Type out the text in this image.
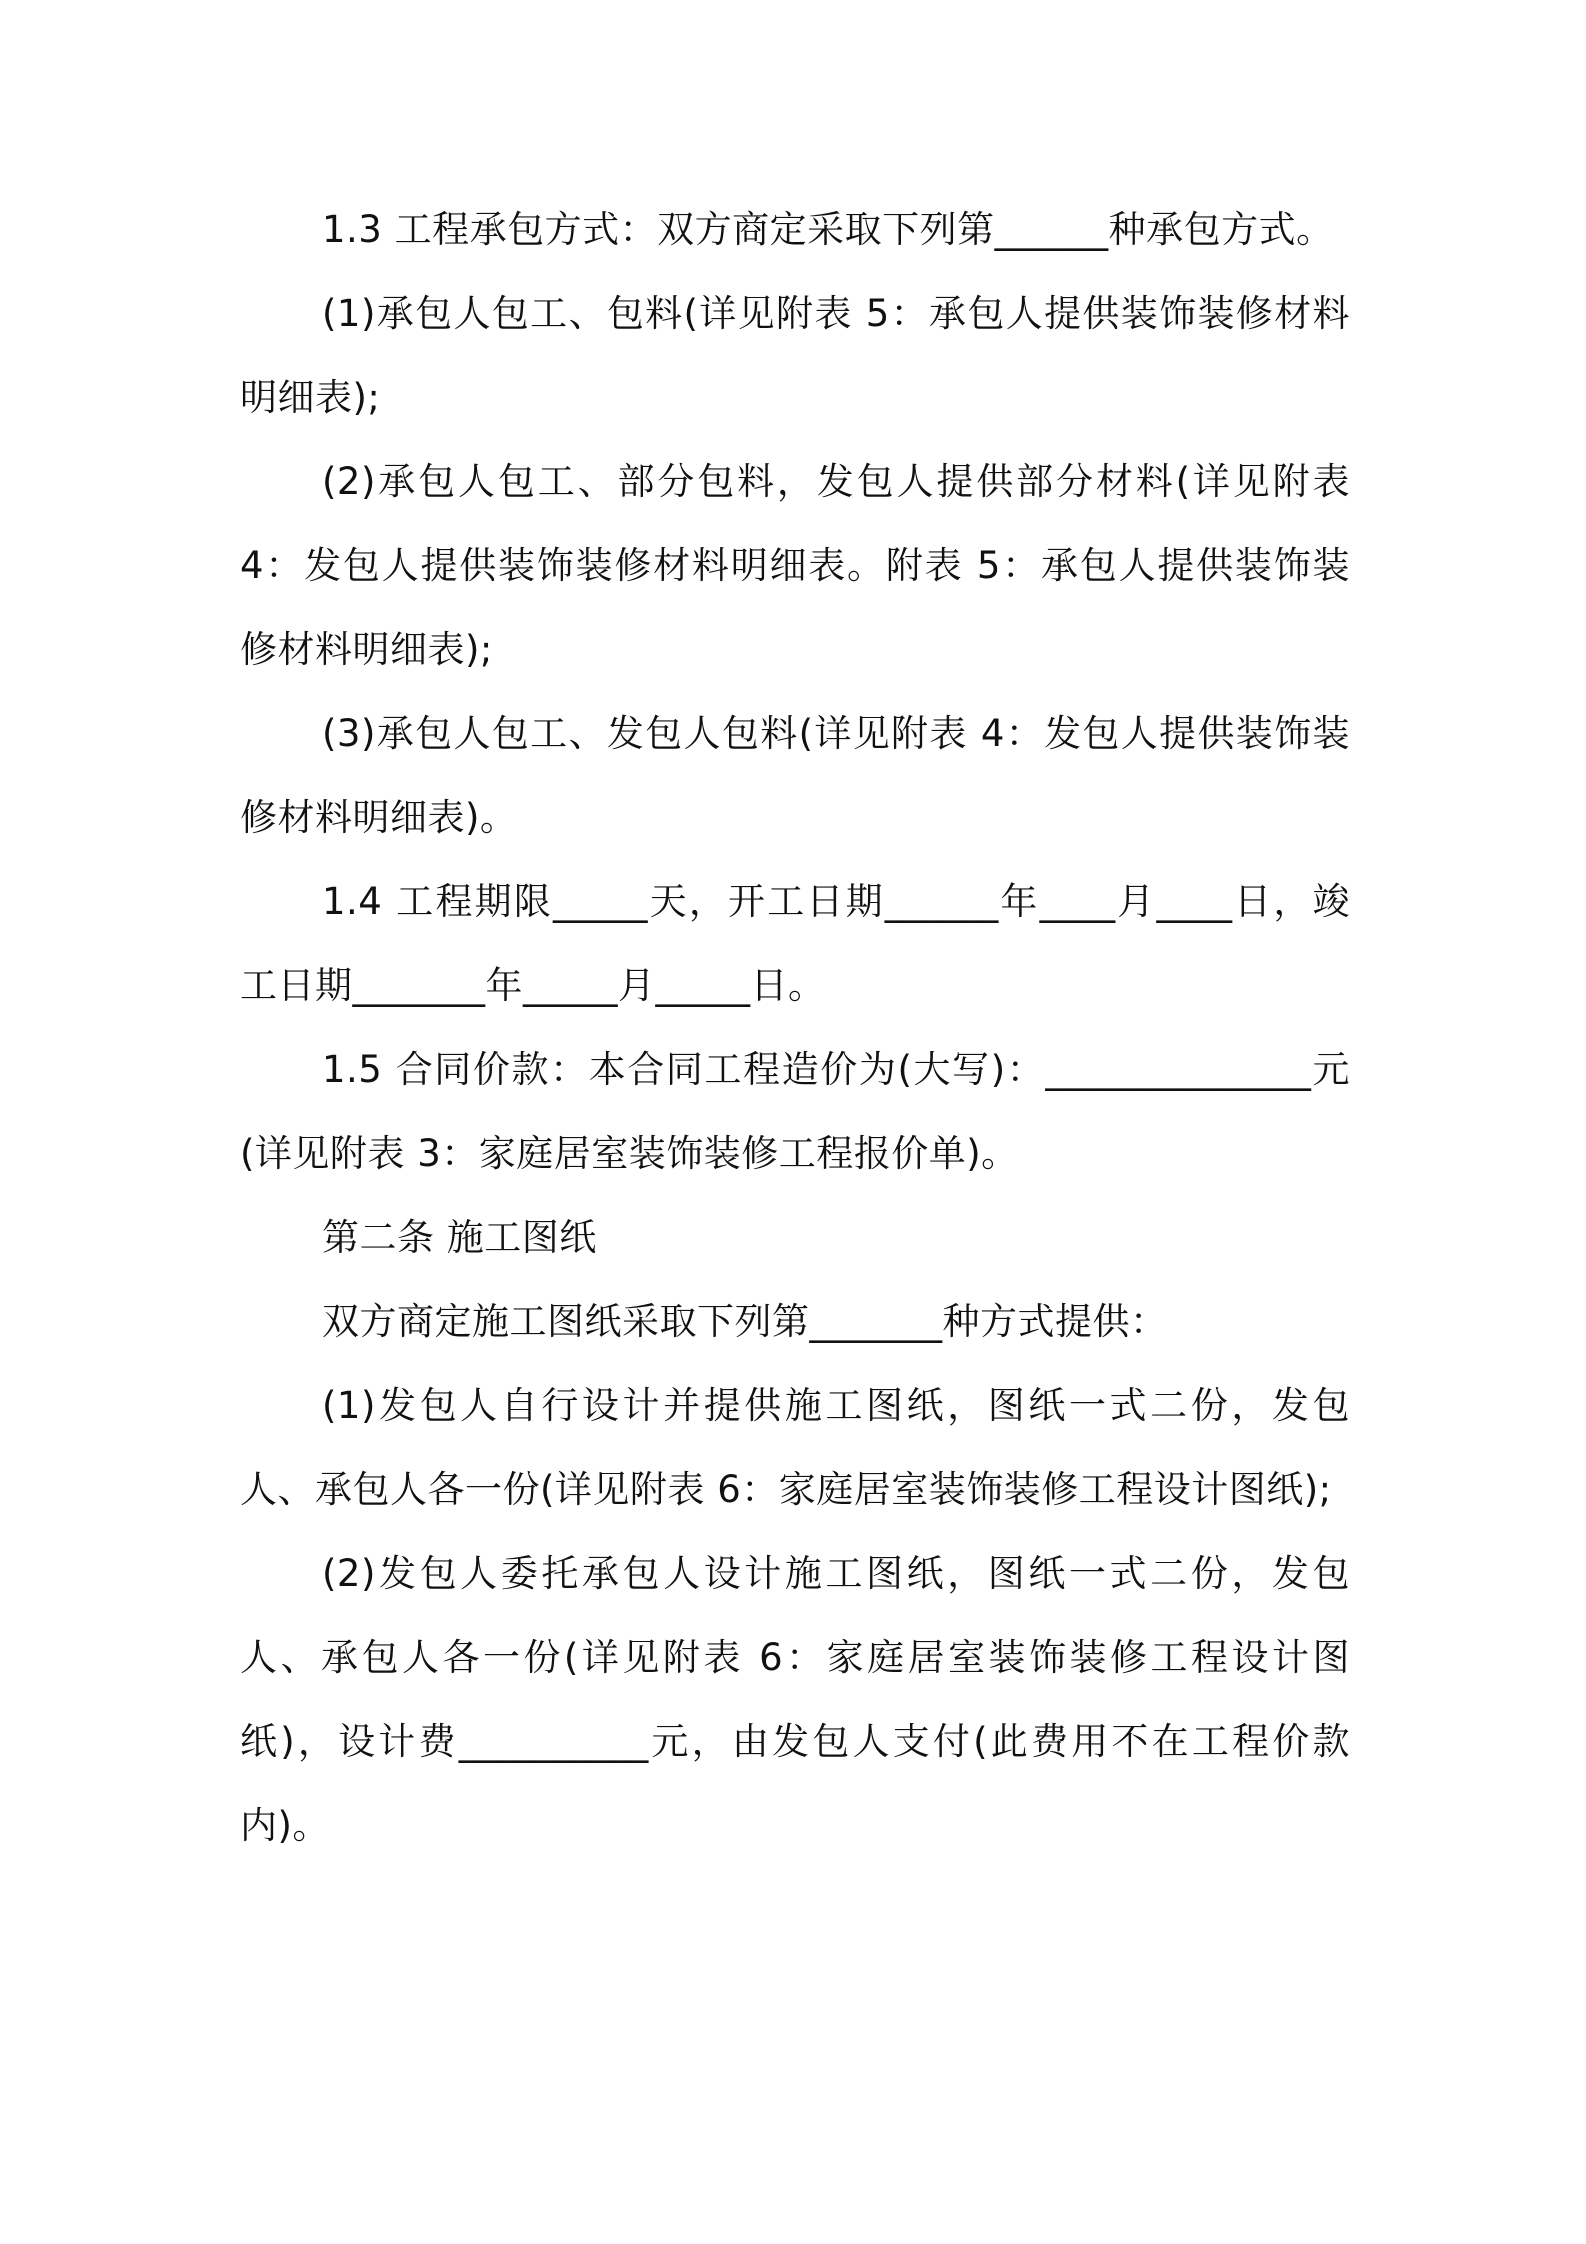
1.3 工程承包方式：双方商定采取下列第______种承包方式。

(1)承包人包工、包料(详见附表 5：承包人提供装饰装修材料明细表);

(2)承包人包工、部分包料，发包人提供部分材料(详见附表 4：发包人提供装饰装修材料明细表。附表 5：承包人提供装饰装修材料明细表);

(3)承包人包工、发包人包料(详见附表 4：发包人提供装饰装修材料明细表)。

1.4 工程期限_____天，开工日期______年____月____日，竣工日期_______年_____月_____日。

1.5 合同价款：本合同工程造价为(大写)：______________元(详见附表 3：家庭居室装饰装修工程报价单)。

第二条 施工图纸

双方商定施工图纸采取下列第_______种方式提供：

(1)发包人自行设计并提供施工图纸，图纸一式二份，发包人、承包人各一份(详见附表 6：家庭居室装饰装修工程设计图纸);

(2)发包人委托承包人设计施工图纸，图纸一式二份，发包人、承包人各一份(详见附表 6：家庭居室装饰装修工程设计图纸)，设计费__________元，由发包人支付(此费用不在工程价款内)。
